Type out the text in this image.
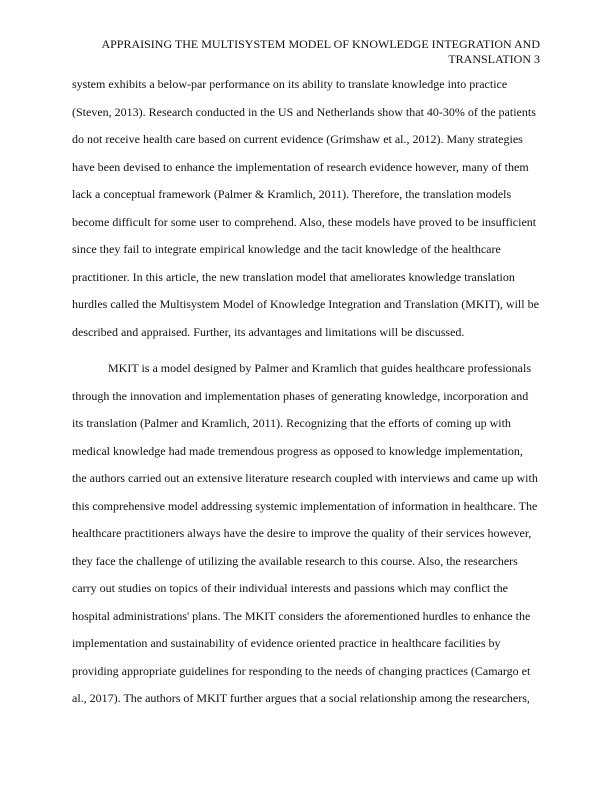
APPRAISING THE MULTISYSTEM MODEL OF KNOWLEDGE INTEGRATION AND
TRANSLATION 3
system exhibits a below-par performance on its ability to translate knowledge into practice
(Steven, 2013). Research conducted in the US and Netherlands show that 40-30% of the patients
do not receive health care based on current evidence (Grimshaw et al., 2012). Many strategies
have been devised to enhance the implementation of research evidence however, many of them
lack a conceptual framework (Palmer & Kramlich, 2011). Therefore, the translation models
become difficult for some user to comprehend. Also, these models have proved to be insufficient
since they fail to integrate empirical knowledge and the tacit knowledge of the healthcare
practitioner. In this article, the new translation model that ameliorates knowledge translation
hurdles called the Multisystem Model of Knowledge Integration and Translation (MKIT), will be
described and appraised. Further, its advantages and limitations will be discussed.
MKIT is a model designed by Palmer and Kramlich that guides healthcare professionals
through the innovation and implementation phases of generating knowledge, incorporation and
its translation (Palmer and Kramlich, 2011). Recognizing that the efforts of coming up with
medical knowledge had made tremendous progress as opposed to knowledge implementation,
the authors carried out an extensive literature research coupled with interviews and came up with
this comprehensive model addressing systemic implementation of information in healthcare. The
healthcare practitioners always have the desire to improve the quality of their services however,
they face the challenge of utilizing the available research to this course. Also, the researchers
carry out studies on topics of their individual interests and passions which may conflict the
hospital administrations' plans. The MKIT considers the aforementioned hurdles to enhance the
implementation and sustainability of evidence oriented practice in healthcare facilities by
providing appropriate guidelines for responding to the needs of changing practices (Camargo et
al., 2017). The authors of MKIT further argues that a social relationship among the researchers,
